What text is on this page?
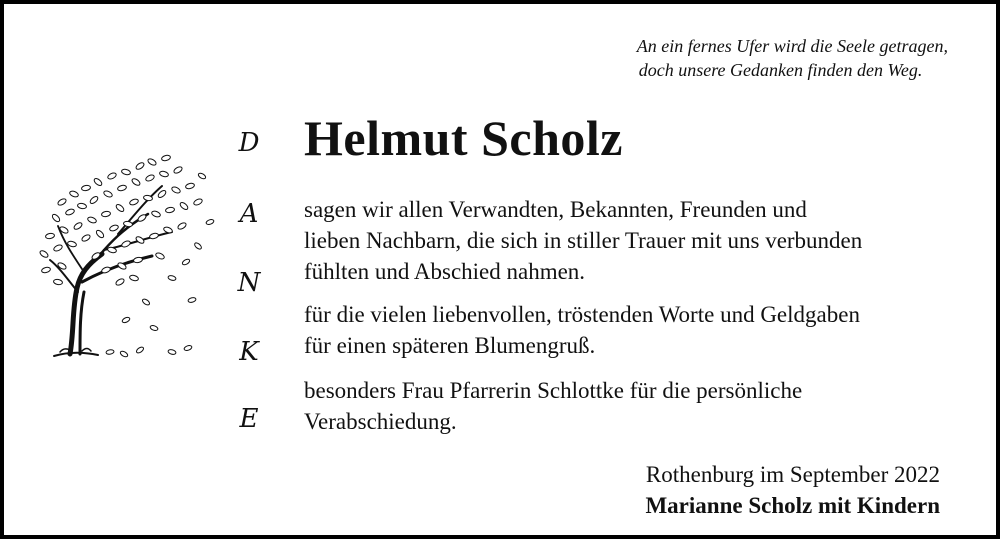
An ein fernes Ufer wird die Seele getragen,
doch unsere Gedanken finden den Weg.
Helmut Scholz
D
A
N
K
E
sagen wir allen Verwandten, Bekannten, Freunden und
lieben Nachbarn, die sich in stiller Trauer mit uns verbunden
fühlten und Abschied nahmen.
für die vielen liebenvollen, tröstenden Worte und Geldgaben
für einen späteren Blumengruß.
besonders Frau Pfarrerin Schlottke für die persönliche
Verabschiedung.
Rothenburg im September 2022
Marianne Scholz mit Kindern
